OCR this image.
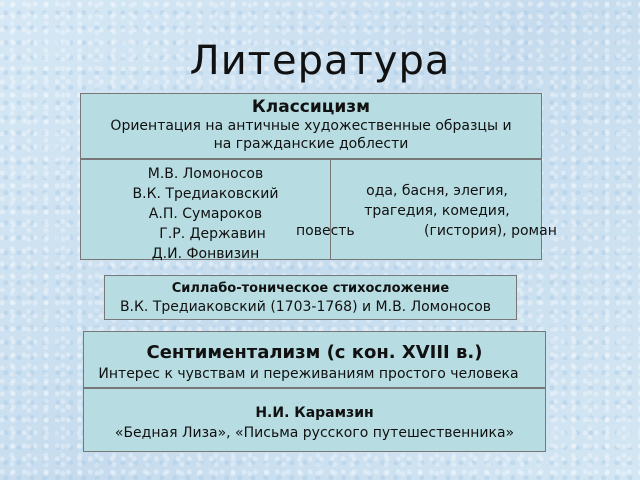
Литература
Классицизм
Ориентация на античные художественные образцы и
на гражданские доблести
М.В. Ломоносов
В.К. Тредиаковский
А.П. Сумароков
Г.Р. Державин
Д.И. Фонвизин
ода, басня, элегия,
трагедия, комедия,
повесть	(гистория), роман
Силлабо-тоническое стихосложение
В.К. Тредиаковский (1703-1768) и М.В. Ломоносов
Сентиментализм (с кон. XVIII в.)
Интерес к чувствам и переживаниям простого человека
Н.И. Карамзин
«Бедная Лиза», «Письма русского путешественника»
